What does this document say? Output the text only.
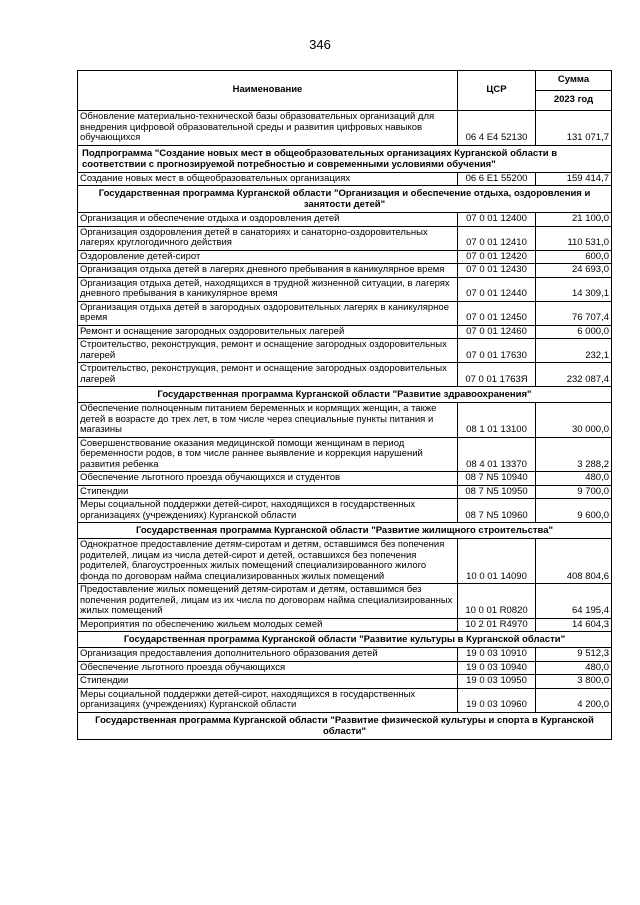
346
Наименование	ЦСР	Сумма
		2023 год
Обновление материально-технической базы образовательных организаций для внедрения цифровой образовательной среды и развития цифровых навыков обучающихся	06 4 E4 52130	131 071,7
Подпрограмма "Создание новых мест в общеобразовательных организациях Курганской области в соответствии с прогнозируемой потребностью и современными условиями обучения"		
Создание новых мест в общеобразовательных организациях	06 6 E1 55200	159 414,7
Государственная программа Курганской области "Организация и обеспечение отдыха, оздоровления и занятости детей"		
Организация и обеспечение отдыха и оздоровления детей	07 0 01 12400	21 100,0
Организация оздоровления детей в санаториях и санаторно-оздоровительных лагерях круглогодичного действия	07 0 01 12410	110 531,0
Оздоровление детей-сирот	07 0 01 12420	600,0
Организация отдыха детей в лагерях дневного пребывания в каникулярное время	07 0 01 12430	24 693,0
Организация отдыха детей, находящихся в трудной жизненной ситуации, в лагерях дневного пребывания в каникулярное время	07 0 01 12440	14 309,1
Организация отдыха детей в загородных оздоровительных лагерях в каникулярное время	07 0 01 12450	76 707,4
Ремонт и оснащение загородных оздоровительных лагерей	07 0 01 12460	6 000,0
Строительство, реконструкция, ремонт и оснащение загородных оздоровительных лагерей	07 0 01 17630	232,1
Строительство, реконструкция, ремонт и оснащение загородных оздоровительных лагерей	07 0 01 1763Я	232 087,4
Государственная программа Курганской области "Развитие здравоохранения"		
Обеспечение полноценным питанием беременных и кормящих женщин, а также детей в возрасте до трех лет, в том числе через специальные пункты питания и магазины	08 1 01 13100	30 000,0
Совершенствование оказания медицинской помощи женщинам в период беременности родов, в том числе раннее выявление и коррекция нарушений развития ребенка	08 4 01 13370	3 288,2
Обеспечение льготного проезда обучающихся и студентов	08 7 N5 10940	480,0
Стипендии	08 7 N5 10950	9 700,0
Меры социальной поддержки детей-сирот, находящихся в государственных организациях (учреждениях) Курганской области	08 7 N5 10960	9 600,0
Государственная программа Курганской области "Развитие жилищного строительства"		
Однократное предоставление детям-сиротам и детям, оставшимся без попечения родителей, лицам из числа детей-сирот и детей, оставшихся без попечения родителей, благоустроенных жилых помещений специализированного жилого фонда по договорам найма специализированных жилых помещений	10 0 01 14090	408 804,6
Предоставление жилых помещений детям-сиротам и детям, оставшимся без попечения родителей, лицам из их числа по договорам найма специализированных жилых помещений	10 0 01 R0820	64 195,4
Мероприятия по обеспечению жильем молодых семей	10 2 01 R4970	14 604,3
Государственная программа Курганской области "Развитие культуры в Курганской области"		
Организация предоставления дополнительного образования детей	19 0 03 10910	9 512,3
Обеспечение льготного проезда обучающихся	19 0 03 10940	480,0
Стипендии	19 0 03 10950	3 800,0
Меры социальной поддержки детей-сирот, находящихся в государственных организациях (учреждениях) Курганской области	19 0 03 10960	4 200,0
Государственная программа Курганской области "Развитие физической культуры и спорта в Курганской области"		
